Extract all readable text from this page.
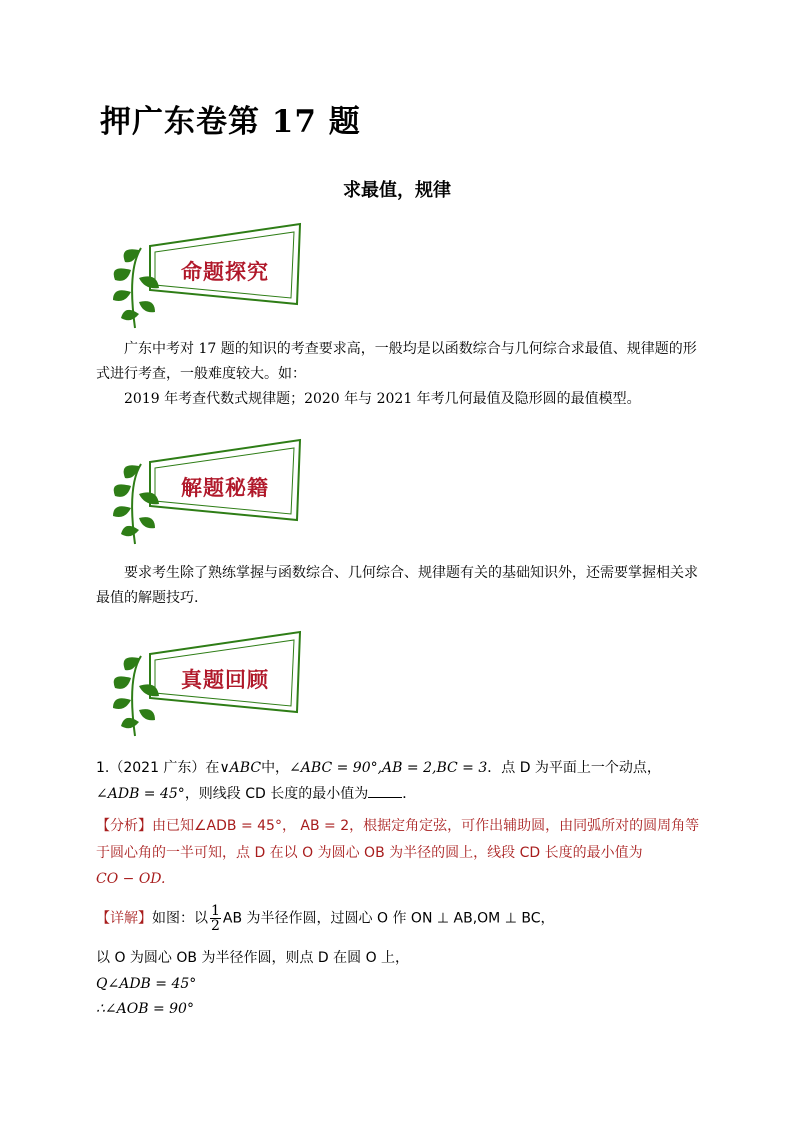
押广东卷第 17 题
求最值，规律
命题探究
广东中考对 17 题的知识的考查要求高，一般均是以函数综合与几何综合求最值、规律题的形式进行考查，一般难度较大。如：
2019 年考查代数式规律题；2020 年与 2021 年考几何最值及隐形圆的最值模型。
解题秘籍
要求考生除了熟练掌握与函数综合、几何综合、规律题有关的基础知识外，还需要掌握相关求最值的解题技巧.
真题回顾
1.（2021 广东）在∨ABC中，∠ABC = 90°,AB = 2,BC = 3．点 D 为平面上一个动点，
∠ADB = 45°，则线段 CD 长度的最小值为 ．
【分析】由已知∠ADB = 45°， AB = 2，根据定角定弦，可作出辅助圆，由同弧所对的圆周角等
于圆心角的一半可知，点 D 在以 O 为圆心 OB 为半径的圆上，线段 CD 长度的最小值为
CO − OD.
【详解】如图：以 $\frac{1}{2}$ AB 为半径作圆，过圆心 O 作 ON ⊥ AB,OM ⊥ BC，
以 O 为圆心 OB 为半径作圆，则点 D 在圆 O 上，
Q∠ADB = 45°
∴∠AOB = 90°
